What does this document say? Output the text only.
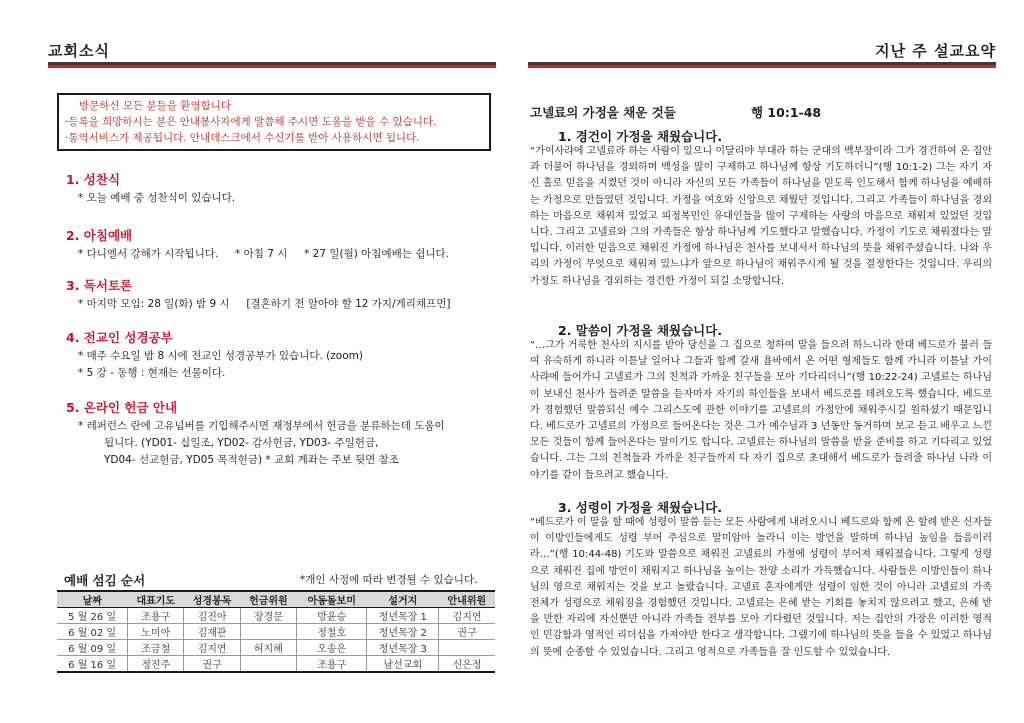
교회소식
방문하신 모든 분들을 환영합니다
·등록을 희망하시는 분은 안내봉사자에게 말씀해 주시면 도움을 받을 수 있습니다.
·통역서비스가 제공됩니다. 안내데스크에서 수신기를 받아 사용하시면 됩니다.
1. 성찬식
* 오늘 예배 중 성찬식이 있습니다.
2. 아침예배
* 다니엘서 강해가 시작됩니다.     * 아침 7 시     * 27 일(월) 아침예배는 쉽니다.
3. 독서토론
* 마지막 모임: 28 일(화) 밤 9 시     [결혼하기 전 알아야 할 12 가지/게리채프먼]
4. 전교인 성경공부
* 매주 수요일 밤 8 시에 전교인 성경공부가 있습니다. (zoom)
* 5 강 - 동행 : 현재는 선물이다.
5. 온라인 헌금 안내
* 레퍼런스 란에 고유넘버를 기입해주시면 재정부에서 헌금을 분류하는데 도움이
됩니다. (YD01- 십일조, YD02- 감사헌금, YD03- 주일헌금,
YD04- 선교헌금, YD05 목적헌금) * 교회 계좌는 주보 뒷면 참조
예배 섬김 순서	*개인 사정에 따라 변경될 수 있습니다.
날짜	대표기도	성경봉독	헌금위원	아동돌보미	설거지	안내위원
5 월 26 일	조용구	김진아	장경문	방윤승	청년목장 1	김지연
6 월 02 일	노미아	김재관		정철호	청년목장 2	권구
6 월 09 일	조금철	김지연	허지혜	오송은	청년목장 3	
6 월 16 일	정진주	권구		조용구	남선교회	신은정
지난 주 설교요약
고넬료의 가정을 채운 것들	행 10:1-48
1. 경건이 가정을 채웠습니다.
“가이사랴에 고넬료라 하는 사람이 있으니 이달리야 부대라 하는 군대의 백부장이라 그가 경건하여 온 집안과 더불어 하나님을 경외하며 백성을 많이 구제하고 하나님께 항상 기도하더니”(행 10:1-2) 그는 자기 자신 홀로 믿음을 지켰던 것이 아니라 자신의 모든 가족들이 하나님을 믿도록 인도해서 함께 하나님을 예배하는 가정으로 만들었던 것입니다. 가정을 여호와 신앙으로 채웠던 것입니다. 그리고 가족들이 하나님을 경외하는 마음으로 채워져 있었고 피정복민인 유대인들을 많이 구제하는 사랑의 마음으로 채워져 있었던 것입니다. 그리고 고넬료와 그의 가족들은 항상 하나님께 기도했다고 말했습니다. 가정이 기도로 채워졌다는 말입니다. 이러한 믿음으로 채워진 가정에 하나님은 천사를 보내셔서 하나님의 뜻을 채워주셨습니다. 나와 우리의 가정이 무엇으로 채워져 있느냐가 앞으로 하나님이 채워주시게 될 것을 결정한다는 것입니다. 우리의 가정도 하나님을 경외하는 경건한 가정이 되길 소망합니다.
2. 말씀이 가정을 채웠습니다.
“…그가 거룩한 천사의 지시를 받아 당신을 그 집으로 청하여 말을 들으려 하느니라 한대 베드로가 불러 들여 유숙하게 하니라 이튿날 일어나 그들과 함께 갈새 욥바에서 온 어떤 형제들도 함께 가니라 이튿날 가이사랴에 들어가니 고넬료가 그의 친척과 가까운 친구들을 모아 기다리더니”(행 10:22-24) 고넬료는 하나님이 보내신 천사가 들려준 말씀을 듣자마자 자기의 하인들을 보내서 베드로를 데려오도록 했습니다. 베드로가 경험했던 말씀되신 예수 그리스도에 관한 이야기를 고넬료의 가정안에 채워주시길 원하셨기 때문입니다. 베드로가 고넬료의 가정으로 들어온다는 것은 그가 예수님과 3 년동안 동거하며 보고 듣고 배우고 느낀 모든 것들이 함께 들어온다는 말이기도 합니다. 고넬료는 하나님의 말씀을 받을 준비를 하고 기다리고 있었습니다. 그는 그의 친척들과 가까운 친구들까지 다 자기 집으로 초대해서 베드로가 들려줄 하나님 나라 이야기를 같이 들으려고 했습니다.
3. 성령이 가정을 채웠습니다.
“베드로가 이 말을 할 때에 성령이 말씀 듣는 모든 사람에게 내려오시니 베드로와 함께 온 할례 받은 신자들이 이방인들에게도 성령 부어 주심으로 말미암아 놀라니 이는 방언을 말하며 하나님 높임을 들음이러라…”(행 10:44-48) 기도와 말씀으로 채워진 고넬료의 가정에 성령이 부어져 채워졌습니다. 그렇게 성령으로 채워진 집에 방언이 채워지고 하나님을 높이는 찬양 소리가 가득했습니다. 사람들은 이방인들이 하나님의 영으로 채워지는 것을 보고 놀랐습니다. 고넬료 혼자에게만 성령이 임한 것이 아니라 고넬료의 가족 전체가 성령으로 채워짐을 경험했던 것입니다. 고넬료는 은혜 받는 기회를 놓치지 않으려고 했고, 은혜 받을 만한 자리에 자신뿐만 아니라 가족들 전부를 모아 기다렸던 것입니다. 저는 집안의 가장은 이러한 영적인 민감함과 영적인 리더십을 가져야만 한다고 생각합니다. 그랬기에 하나님의 뜻을 들을 수 있었고 하나님의 뜻에 순종할 수 있었습니다. 그리고 영적으로 가족들을 잘 인도할 수 있었습니다.
